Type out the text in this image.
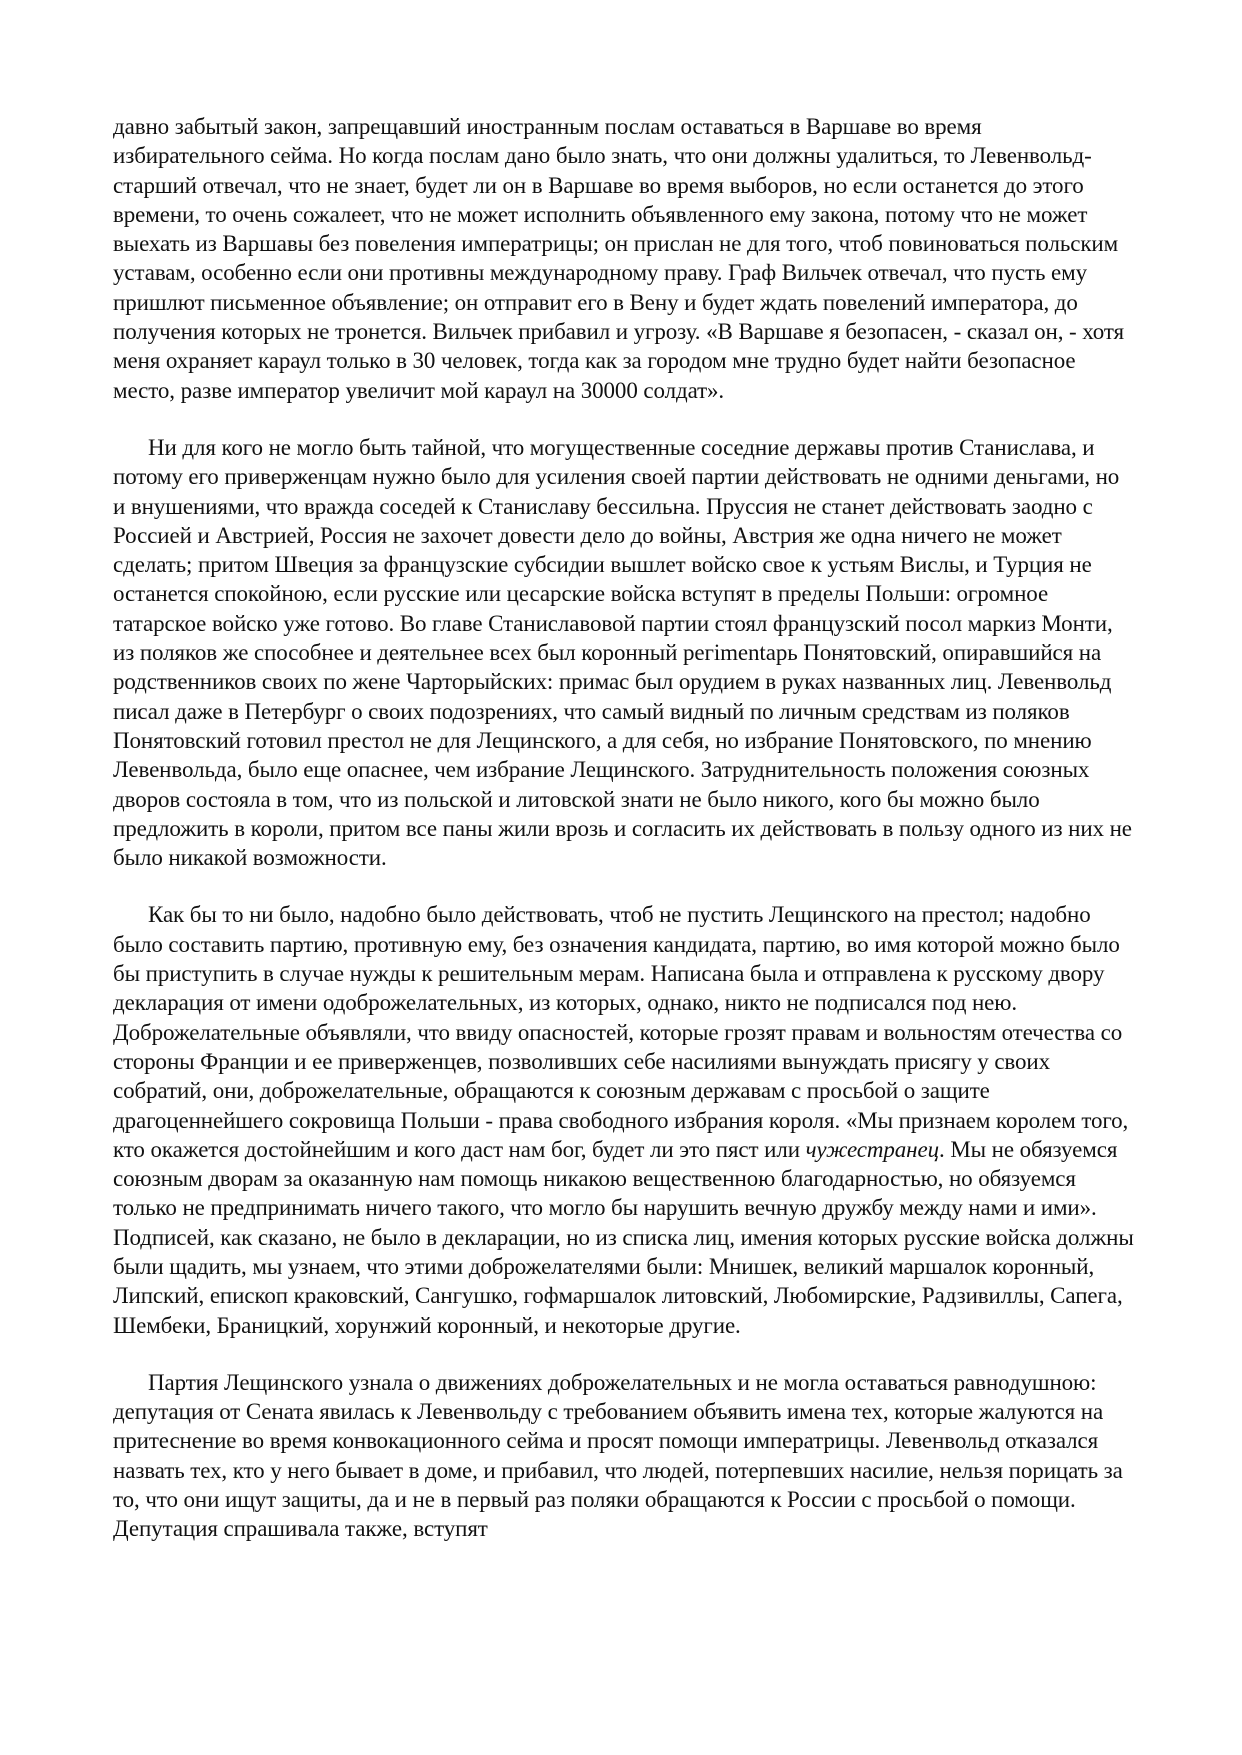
давно забытый закон, запрещавший иностранным послам оставаться в Варшаве во время избирательного сейма. Но когда послам дано было знать, что они должны удалиться, то Левенвольд-старший отвечал, что не знает, будет ли он в Варшаве во время выборов, но если останется до этого времени, то очень сожалеет, что не может исполнить объявленного ему закона, потому что не может выехать из Варшавы без повеления императрицы; он прислан не для того, чтоб повиноваться польским уставам, особенно если они противны международному праву. Граф Вильчек отвечал, что пусть ему пришлют письменное объявление; он отправит его в Вену и будет ждать повелений императора, до получения которых не тронется. Вильчек прибавил и угрозу. «В Варшаве я безопасен, - сказал он, - хотя меня охраняет караул только в 30 человек, тогда как за городом мне трудно будет найти безопасное место, разве император увеличит мой караул на 30000 солдат».

Ни для кого не могло быть тайной, что могущественные соседние державы против Станислава, и потому его приверженцам нужно было для усиления своей партии действовать не одними деньгами, но и внушениями, что вражда соседей к Станиславу бессильна. Пруссия не станет действовать заодно с Россией и Австрией, Россия не захочет довести дело до войны, Австрия же одна ничего не может сделать; притом Швеция за французские субсидии вышлет войско свое к устьям Вислы, и Турция не останется спокойною, если русские или цесарские войска вступят в пределы Польши: огромное татарское войско уже готово. Во главе Станиславовой партии стоял французский посол маркиз Монти, из поляков же способнее и деятельнее всех был коронный регimentарь Понятовский, опиравшийся на родственников своих по жене Чарторыйских: примас был орудием в руках названных лиц. Левенвольд писал даже в Петербург о своих подозрениях, что самый видный по личным средствам из поляков Понятовский готовил престол не для Лещинского, а для себя, но избрание Понятовского, по мнению Левенвольда, было еще опаснее, чем избрание Лещинского. Затруднительность положения союзных дворов состояла в том, что из польской и литовской знати не было никого, кого бы можно было предложить в короли, притом все паны жили врозь и согласить их действовать в пользу одного из них не было никакой возможности.

Как бы то ни было, надобно было действовать, чтоб не пустить Лещинского на престол; надобно было составить партию, противную ему, без означения кандидата, партию, во имя которой можно было бы приступить в случае нужды к решительным мерам. Написана была и отправлена к русскому двору декларация от имени одоброжелательных, из которых, однако, никто не подписался под нею. Доброжелательные объявляли, что ввиду опасностей, которые грозят правам и вольностям отечества со стороны Франции и ее приверженцев, позволивших себе насилиями вынуждать присягу у своих собратий, они, доброжелательные, обращаются к союзным державам с просьбой о защите драгоценнейшего сокровища Польши - права свободного избрания короля. «Мы признаем королем того, кто окажется достойнейшим и кого даст нам бог, будет ли это пяст или чужестранец. Мы не обязуемся союзным дворам за оказанную нам помощь никакою вещественною благодарностью, но обязуемся только не предпринимать ничего такого, что могло бы нарушить вечную дружбу между нами и ими». Подписей, как сказано, не было в декларации, но из списка лиц, имения которых русские войска должны были щадить, мы узнаем, что этими доброжелателями были: Мнишек, великий маршалок коронный, Липский, епископ краковский, Сангушко, гофмаршалок литовский, Любомирские, Радзивиллы, Сапега, Шембеки, Браницкий, хорунжий коронный, и некоторые другие.

Партия Лещинского узнала о движениях доброжелательных и не могла оставаться равнодушною: депутация от Сената явилась к Левенвольду с требованием объявить имена тех, которые жалуются на притеснение во время конвокационного сейма и просят помощи императрицы. Левенвольд отказался назвать тех, кто у него бывает в доме, и прибавил, что людей, потерпевших насилие, нельзя порицать за то, что они ищут защиты, да и не в первый раз поляки обращаются к России с просьбой о помощи. Депутация спрашивала также, вступят
